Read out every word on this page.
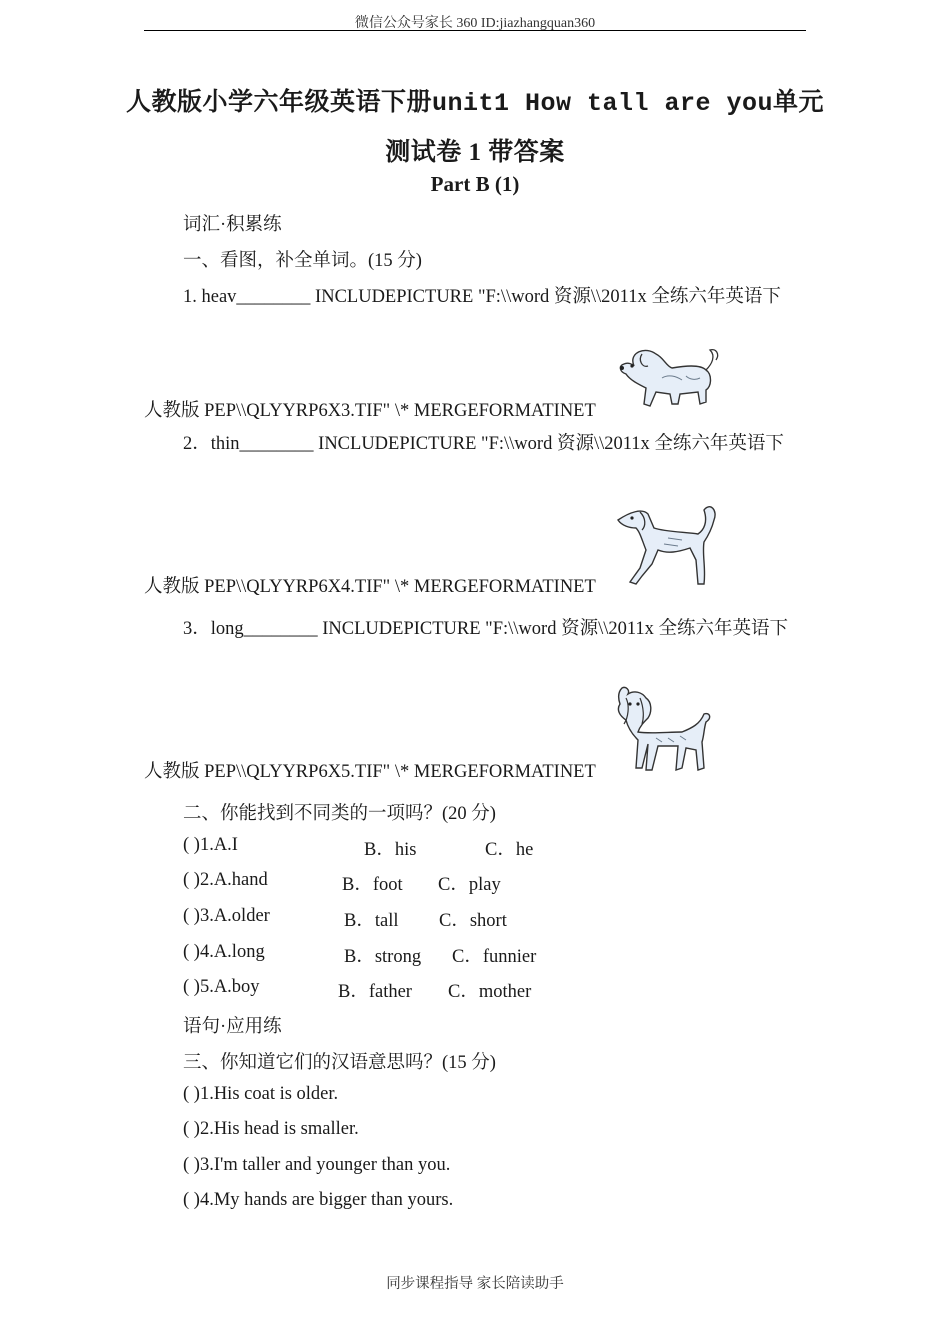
微信公众号家长 360 ID:jiazhangquan360
人教版小学六年级英语下册unit1 How tall are you单元
测试卷 1 带答案
Part B (1)
词汇·积累练
一、看图，补全单词。(15 分)
1. heav________ INCLUDEPICTURE "F:\\word 资源\\2011x 全练六年英语下
人教版 PEP\\QLYYRP6X3.TIF" \* MERGEFORMATINET
2．thin________ INCLUDEPICTURE "F:\\word 资源\\2011x 全练六年英语下
人教版 PEP\\QLYYRP6X4.TIF" \* MERGEFORMATINET
3．long________ INCLUDEPICTURE "F:\\word 资源\\2011x 全练六年英语下
人教版 PEP\\QLYYRP6X5.TIF" \* MERGEFORMATINET
二、你能找到不同类的一项吗？(20 分)
( )1.A.I	B．his	C．he
( )2.A.hand	B．foot C．play
( )3.A.older	B．tall C．short
( )4.A.long	B．strong C．funnier
( )5.A.boy	B．father C．mother
语句·应用练
三、你知道它们的汉语意思吗？(15 分)
( )1.His coat is older.
( )2.His head is smaller.
( )3.I'm taller and younger than you.
( )4.My hands are bigger than yours.
同步课程指导 家长陪读助手
